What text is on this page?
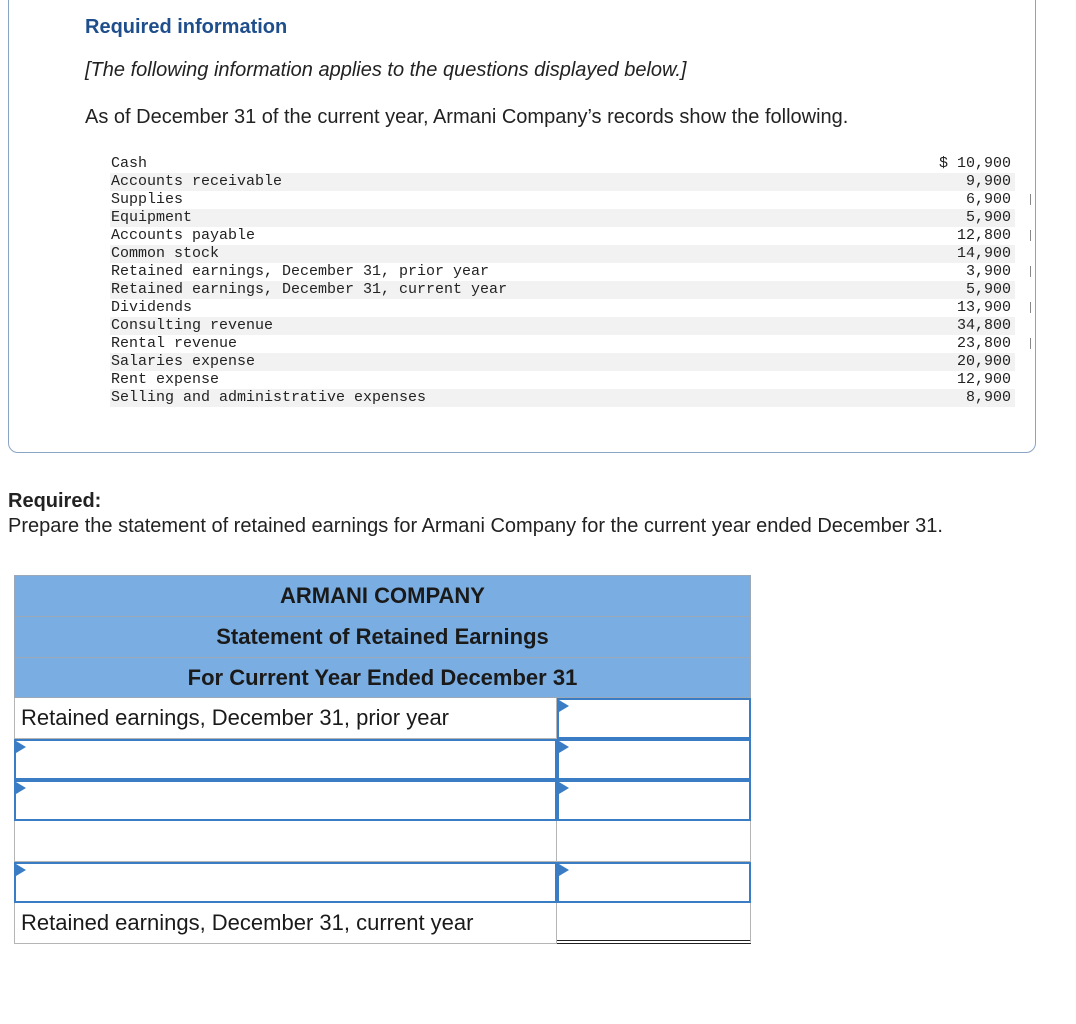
Required information
[The following information applies to the questions displayed below.]
As of December 31 of the current year, Armani Company’s records show the following.
Cash	$ 10,900
Accounts receivable	9,900
Supplies	6,900
Equipment	5,900
Accounts payable	12,800
Common stock	14,900
Retained earnings, December 31, prior year	3,900
Retained earnings, December 31, current year	5,900
Dividends	13,900
Consulting revenue	34,800
Rental revenue	23,800
Salaries expense	20,900
Rent expense	12,900
Selling and administrative expenses	8,900
Required:
Prepare the statement of retained earnings for Armani Company for the current year ended December 31.
ARMANI COMPANY
Statement of Retained Earnings
For Current Year Ended December 31
Retained earnings, December 31, prior year
Retained earnings, December 31, current year
